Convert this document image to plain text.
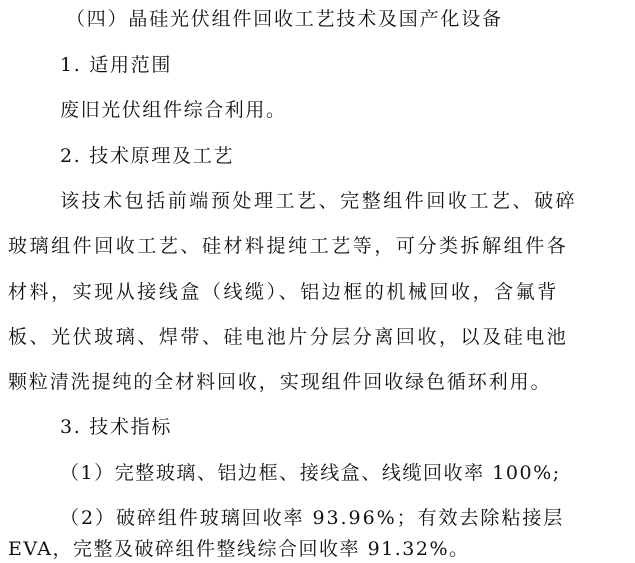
（四）晶硅光伏组件回收工艺技术及国产化设备
1. 适用范围
废旧光伏组件综合利用。
2. 技术原理及工艺
该技术包括前端预处理工艺、完整组件回收工艺、破碎
玻璃组件回收工艺、硅材料提纯工艺等，可分类拆解组件各
材料，实现从接线盒（线缆）、铝边框的机械回收，含氟背
板、光伏玻璃、焊带、硅电池片分层分离回收，以及硅电池
颗粒清洗提纯的全材料回收，实现组件回收绿色循环利用。
3. 技术指标
（1）完整玻璃、铝边框、接线盒、线缆回收率 100%;
（2）破碎组件玻璃回收率 93.96%；有效去除粘接层
EVA，完整及破碎组件整线综合回收率 91.32%。
